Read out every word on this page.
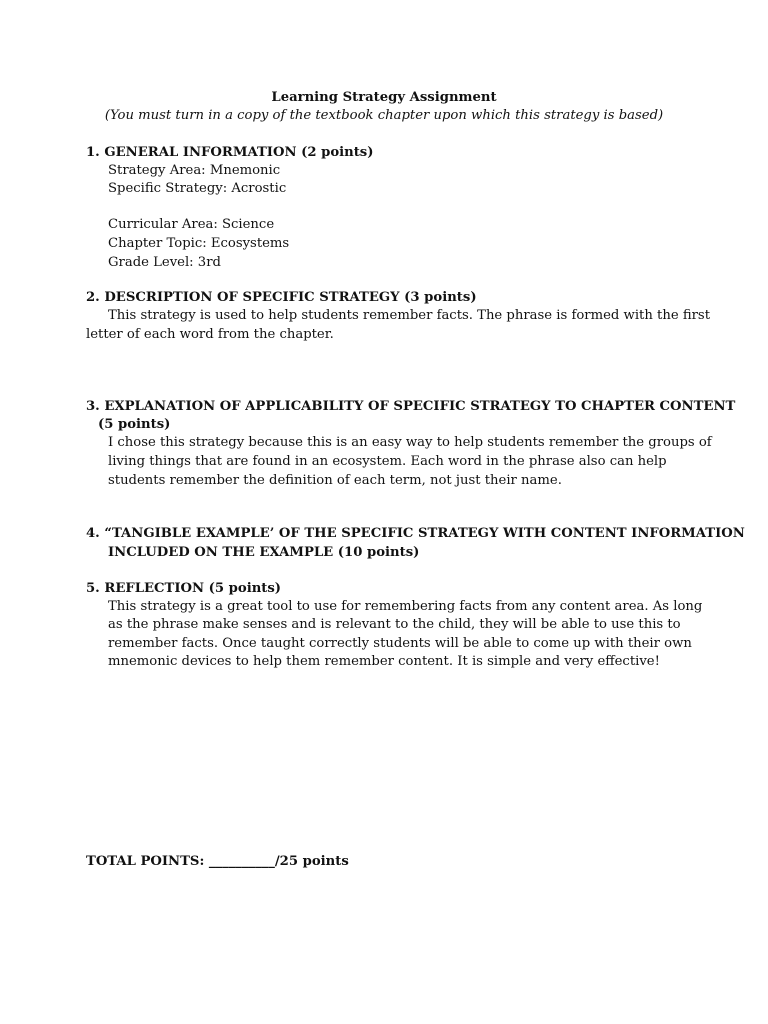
Learning Strategy Assignment
(You must turn in a copy of the textbook chapter upon which this strategy is based)
1. GENERAL INFORMATION (2 points)
Strategy Area: Mnemonic
Specific Strategy: Acrostic
Curricular Area: Science
Chapter Topic: Ecosystems
Grade Level: 3rd
2. DESCRIPTION OF SPECIFIC STRATEGY (3 points)
This strategy is used to help students remember facts. The phrase is formed with the first
letter of each word from the chapter.
3. EXPLANATION OF APPLICABILITY OF SPECIFIC STRATEGY TO CHAPTER CONTENT
(5 points)
I chose this strategy because this is an easy way to help students remember the groups of
living things that are found in an ecosystem. Each word in the phrase also can help
students remember the definition of each term, not just their name.
4. “TANGIBLE EXAMPLE’ OF THE SPECIFIC STRATEGY WITH CONTENT INFORMATION
INCLUDED ON THE EXAMPLE (10 points)
5. REFLECTION (5 points)
This strategy is a great tool to use for remembering facts from any content area. As long
as the phrase make senses and is relevant to the child, they will be able to use this to
remember facts. Once taught correctly students will be able to come up with their own
mnemonic devices to help them remember content. It is simple and very effective!
TOTAL POINTS: __________/25 points
